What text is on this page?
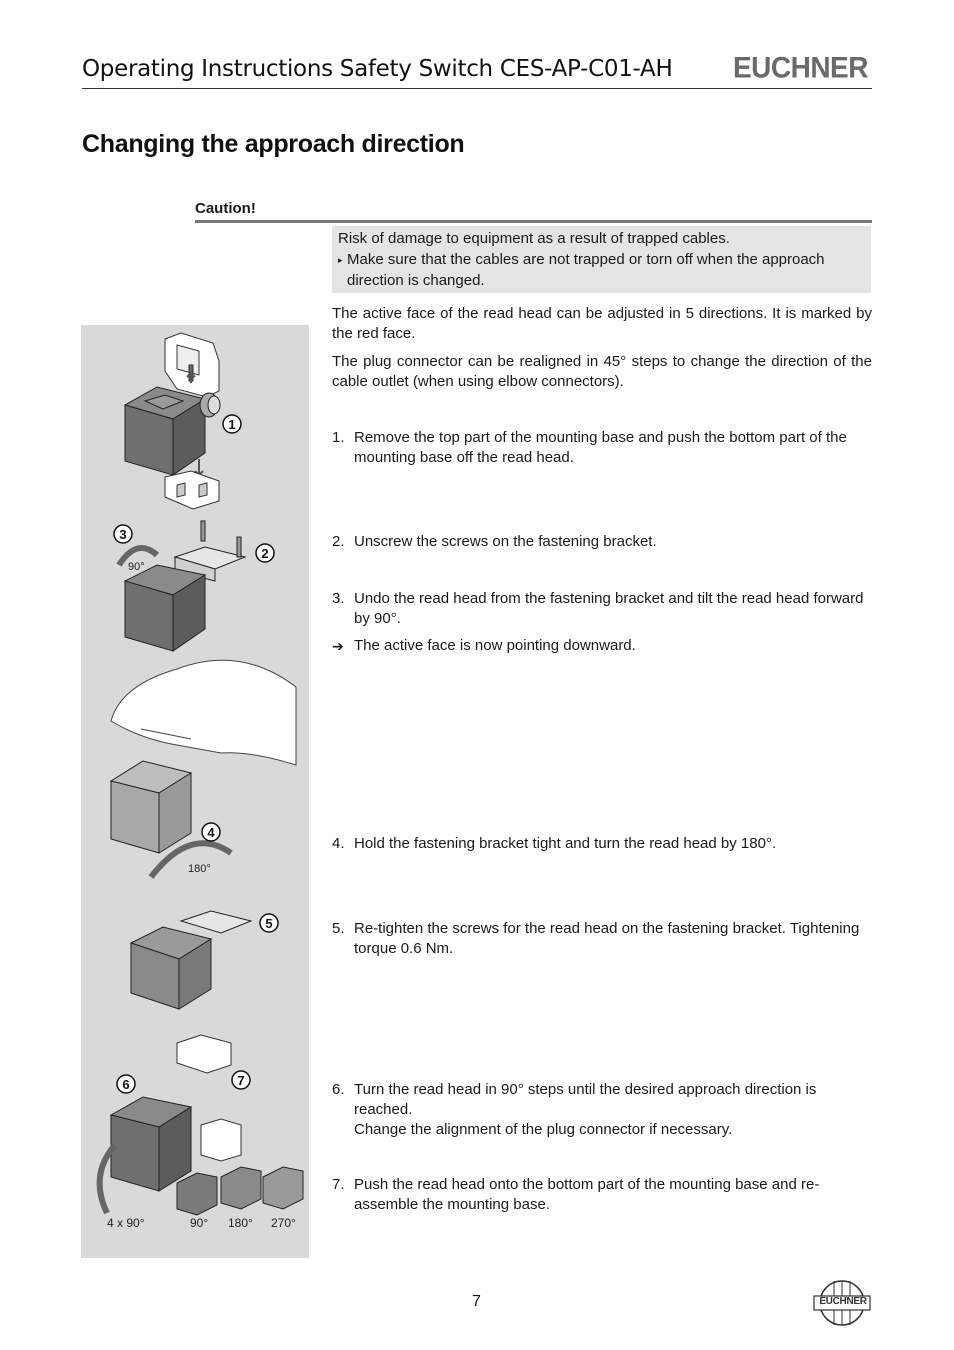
Operating Instructions Safety Switch CES-AP-C01-AH EUCHNER
Changing the approach direction
Caution!
Risk of damage to equipment as a result of trapped cables.
▸ Make sure that the cables are not trapped or torn off when the approach
direction is changed.
The active face of the read head can be adjusted in 5 directions. It is marked by the red face.
The plug connector can be realigned in 45° steps to change the direction of the cable outlet (when using elbow connectors).
1. Remove the top part of the mounting base and push the bottom part of the mounting base off the read head.
2. Unscrew the screws on the fastening bracket.
3. Undo the read head from the fastening bracket and tilt the read head forward by 90°.
➔ The active face is now pointing downward.
4. Hold the fastening bracket tight and turn the read head by 180°.
5. Re-tighten the screws for the read head on the fastening bracket. Tightening torque 0.6 Nm.
6. Turn the read head in 90° steps until the desired approach direction is reached.
Change the alignment of the plug connector if necessary.
7. Push the read head onto the bottom part of the mounting base and re-assemble the mounting base.
90°
180°
4 x 90°	90° 180° 270°
1
2
3
4
5
6	7
7	EUCHNER
